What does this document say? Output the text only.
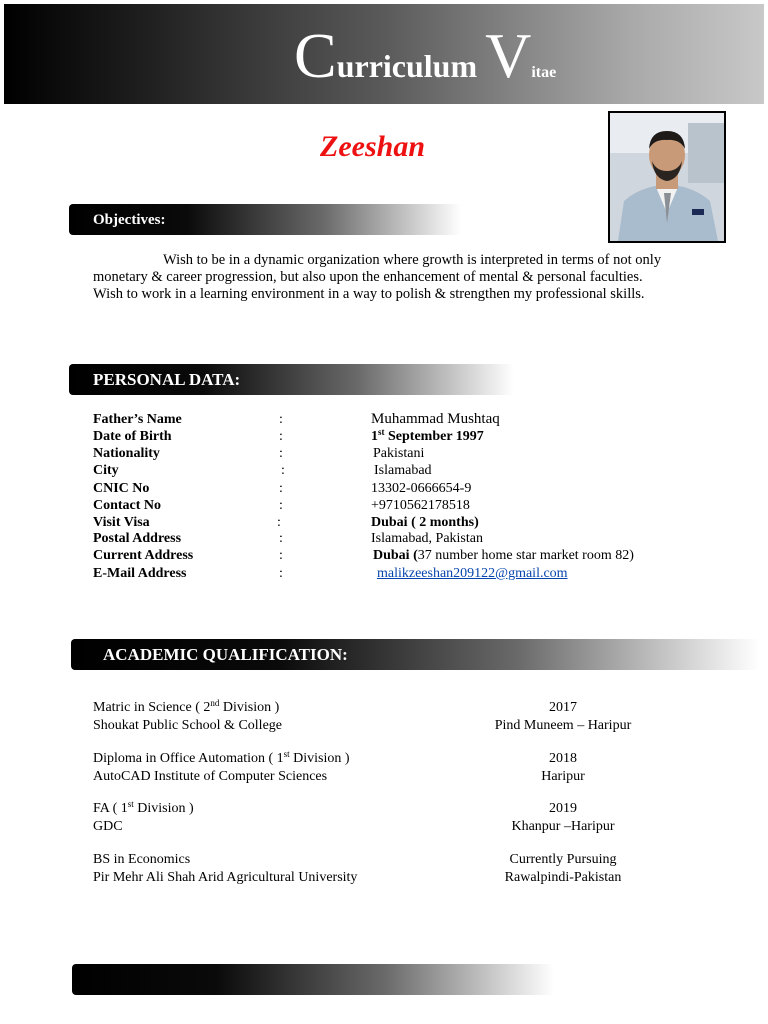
Curriculum Vitae
Zeeshan
Objectives:
Wish to be in a dynamic organization where growth is interpreted in terms of not only monetary & career progression, but also upon the enhancement of mental & personal faculties. Wish to work in a learning environment in a way to polish & strengthen my professional skills.
PERSONAL DATA:
Father’s Name	:	Muhammad Mushtaq
Date of Birth	:	1st September 1997
Nationality	:	Pakistani
City	:	Islamabad
CNIC No	:	13302-0666654-9
Contact No	:	+9710562178518
Visit Visa	:	Dubai ( 2 months)
Postal Address	:	Islamabad, Pakistan
Current Address	:	Dubai (37 number home star market room 82)
E-Mail Address	:	malikzeeshan209122@gmail.com
ACADEMIC QUALIFICATION:
Matric in Science ( 2nd Division )	2017
Shoukat Public School & College	Pind Muneem – Haripur
Diploma in Office Automation ( 1st Division )	2018
AutoCAD Institute of Computer Sciences	Haripur
FA ( 1st Division )	2019
GDC	Khanpur –Haripur
BS in Economics	Currently Pursuing
Pir Mehr Ali Shah Arid Agricultural University	Rawalpindi-Pakistan
